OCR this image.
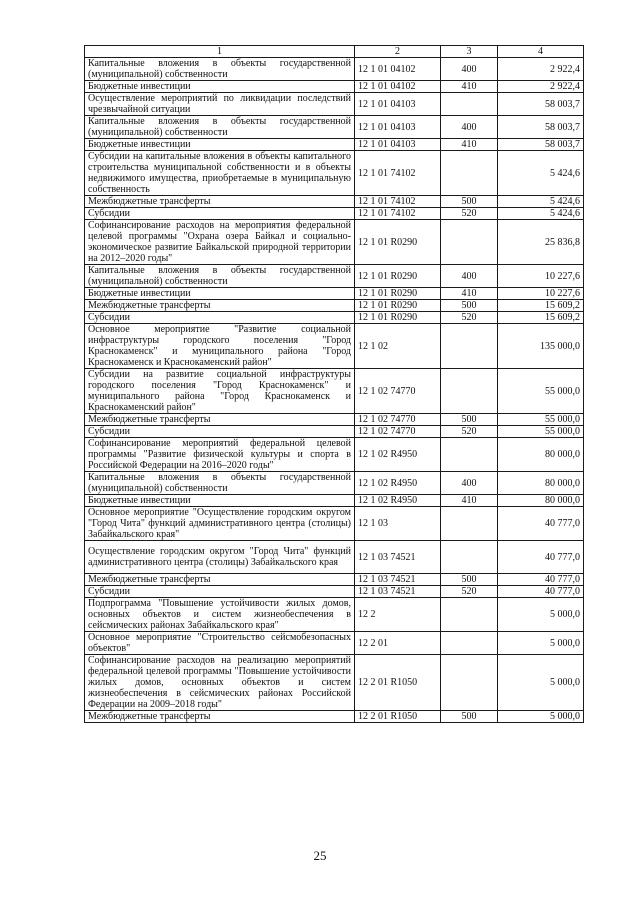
1	2	3	4
Капитальные вложения в объекты государственной (муниципальной) собственности	12 1 01 04102	400	2 922,4
Бюджетные инвестиции	12 1 01 04102	410	2 922,4
Осуществление мероприятий по ликвидации последствий чрезвычайной ситуации	12 1 01 04103		58 003,7
Капитальные вложения в объекты государственной (муниципальной) собственности	12 1 01 04103	400	58 003,7
Бюджетные инвестиции	12 1 01 04103	410	58 003,7
Субсидии на капитальные вложения в объекты капитального строительства муниципальной собственности и в объекты недвижимого имущества, приобретаемые в муниципальную собственность	12 1 01 74102		5 424,6
Межбюджетные трансферты	12 1 01 74102	500	5 424,6
Субсидии	12 1 01 74102	520	5 424,6
Софинансирование расходов на мероприятия федеральной целевой программы "Охрана озера Байкал и социально-экономическое развитие Байкальской природной территории на 2012–2020 годы"	12 1 01 R0290		25 836,8
Капитальные вложения в объекты государственной (муниципальной) собственности	12 1 01 R0290	400	10 227,6
Бюджетные инвестиции	12 1 01 R0290	410	10 227,6
Межбюджетные трансферты	12 1 01 R0290	500	15 609,2
Субсидии	12 1 01 R0290	520	15 609,2
Основное мероприятие "Развитие социальной инфраструктуры городского поселения "Город Краснокаменск" и муниципального района "Город Краснокаменск и Краснокаменский район"	12 1 02		135 000,0
Субсидии на развитие социальной инфраструктуры городского поселения "Город Краснокаменск" и муниципального района "Город Краснокаменск и Краснокаменский район"	12 1 02 74770		55 000,0
Межбюджетные трансферты	12 1 02 74770	500	55 000,0
Субсидии	12 1 02 74770	520	55 000,0
Софинансирование мероприятий федеральной целевой программы "Развитие физической культуры и спорта в Российской Федерации на 2016–2020 годы"	12 1 02 R4950		80 000,0
Капитальные вложения в объекты государственной (муниципальной) собственности	12 1 02 R4950	400	80 000,0
Бюджетные инвестиции	12 1 02 R4950	410	80 000,0
Основное мероприятие "Осуществление городским округом "Город Чита" функций административного центра (столицы) Забайкальского края"	12 1 03		40 777,0
Осуществление городским округом "Город Чита" функций административного центра (столицы) Забайкальского края	12 1 03 74521		40 777,0
Межбюджетные трансферты	12 1 03 74521	500	40 777,0
Субсидии	12 1 03 74521	520	40 777,0
Подпрограмма "Повышение устойчивости жилых домов, основных объектов и систем жизнеобеспечения в сейсмических районах Забайкальского края"	12 2		5 000,0
Основное мероприятие "Строительство сейсмобезопасных объектов"	12 2 01		5 000,0
Софинансирование расходов на реализацию мероприятий федеральной целевой программы "Повышение устойчивости жилых домов, основных объектов и систем жизнеобеспечения в сейсмических районах Российской Федерации на 2009–2018 годы"	12 2 01 R1050		5 000,0
Межбюджетные трансферты	12 2 01 R1050	500	5 000,0
25
